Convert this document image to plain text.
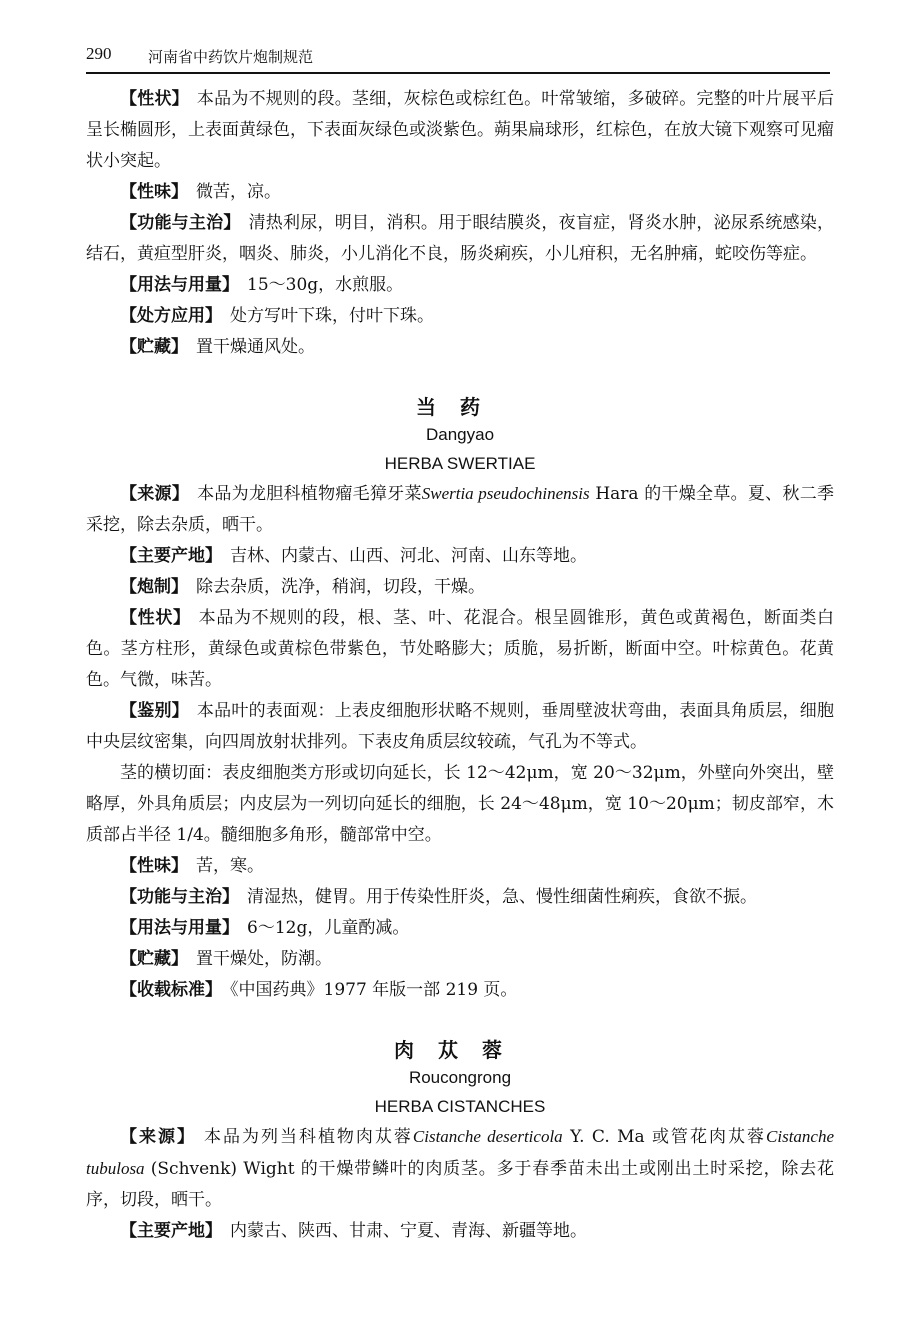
290 河南省中药饮片炮制规范

【性状】 本品为不规则的段。茎细，灰棕色或棕红色。叶常皱缩，多破碎。完整的叶片展平后呈长椭圆形，上表面黄绿色，下表面灰绿色或淡紫色。蒴果扁球形，红棕色，在放大镜下观察可见瘤状小突起。

【性味】 微苦，凉。

【功能与主治】 清热利尿，明目，消积。用于眼结膜炎，夜盲症，肾炎水肿，泌尿系统感染，结石，黄疸型肝炎，咽炎、肺炎，小儿消化不良，肠炎痢疾，小儿疳积，无名肿痛，蛇咬伤等症。

【用法与用量】 15～30g，水煎服。

【处方应用】 处方写叶下珠，付叶下珠。

【贮藏】 置干燥通风处。

当药
Dangyao
HERBA SWERTIAE

【来源】 本品为龙胆科植物瘤毛獐牙菜Swertia pseudochinensis Hara 的干燥全草。夏、秋二季采挖，除去杂质，晒干。

【主要产地】 吉林、内蒙古、山西、河北、河南、山东等地。

【炮制】 除去杂质，洗净，稍润，切段，干燥。

【性状】 本品为不规则的段，根、茎、叶、花混合。根呈圆锥形，黄色或黄褐色，断面类白色。茎方柱形，黄绿色或黄棕色带紫色，节处略膨大；质脆，易折断，断面中空。叶棕黄色。花黄色。气微，味苦。

【鉴别】 本品叶的表面观：上表皮细胞形状略不规则，垂周壁波状弯曲，表面具角质层，细胞中央层纹密集，向四周放射状排列。下表皮角质层纹较疏，气孔为不等式。

茎的横切面：表皮细胞类方形或切向延长，长 12～42μm，宽 20～32μm，外壁向外突出，壁略厚，外具角质层；内皮层为一列切向延长的细胞，长 24～48μm，宽 10～20μm；韧皮部窄，木质部占半径 1/4。髓细胞多角形，髓部常中空。

【性味】 苦，寒。

【功能与主治】 清湿热，健胃。用于传染性肝炎，急、慢性细菌性痢疾，食欲不振。

【用法与用量】 6～12g，儿童酌减。

【贮藏】 置干燥处，防潮。

【收载标准】 《中国药典》1977 年版一部 219 页。

肉苁蓉
Roucongrong
HERBA CISTANCHES

【来源】 本品为列当科植物肉苁蓉Cistanche deserticola Y. C. Ma 或管花肉苁蓉Cistanche tubulosa (Schvenk) Wight 的干燥带鳞叶的肉质茎。多于春季苗未出土或刚出土时采挖，除去花序，切段，晒干。

【主要产地】 内蒙古、陕西、甘肃、宁夏、青海、新疆等地。
